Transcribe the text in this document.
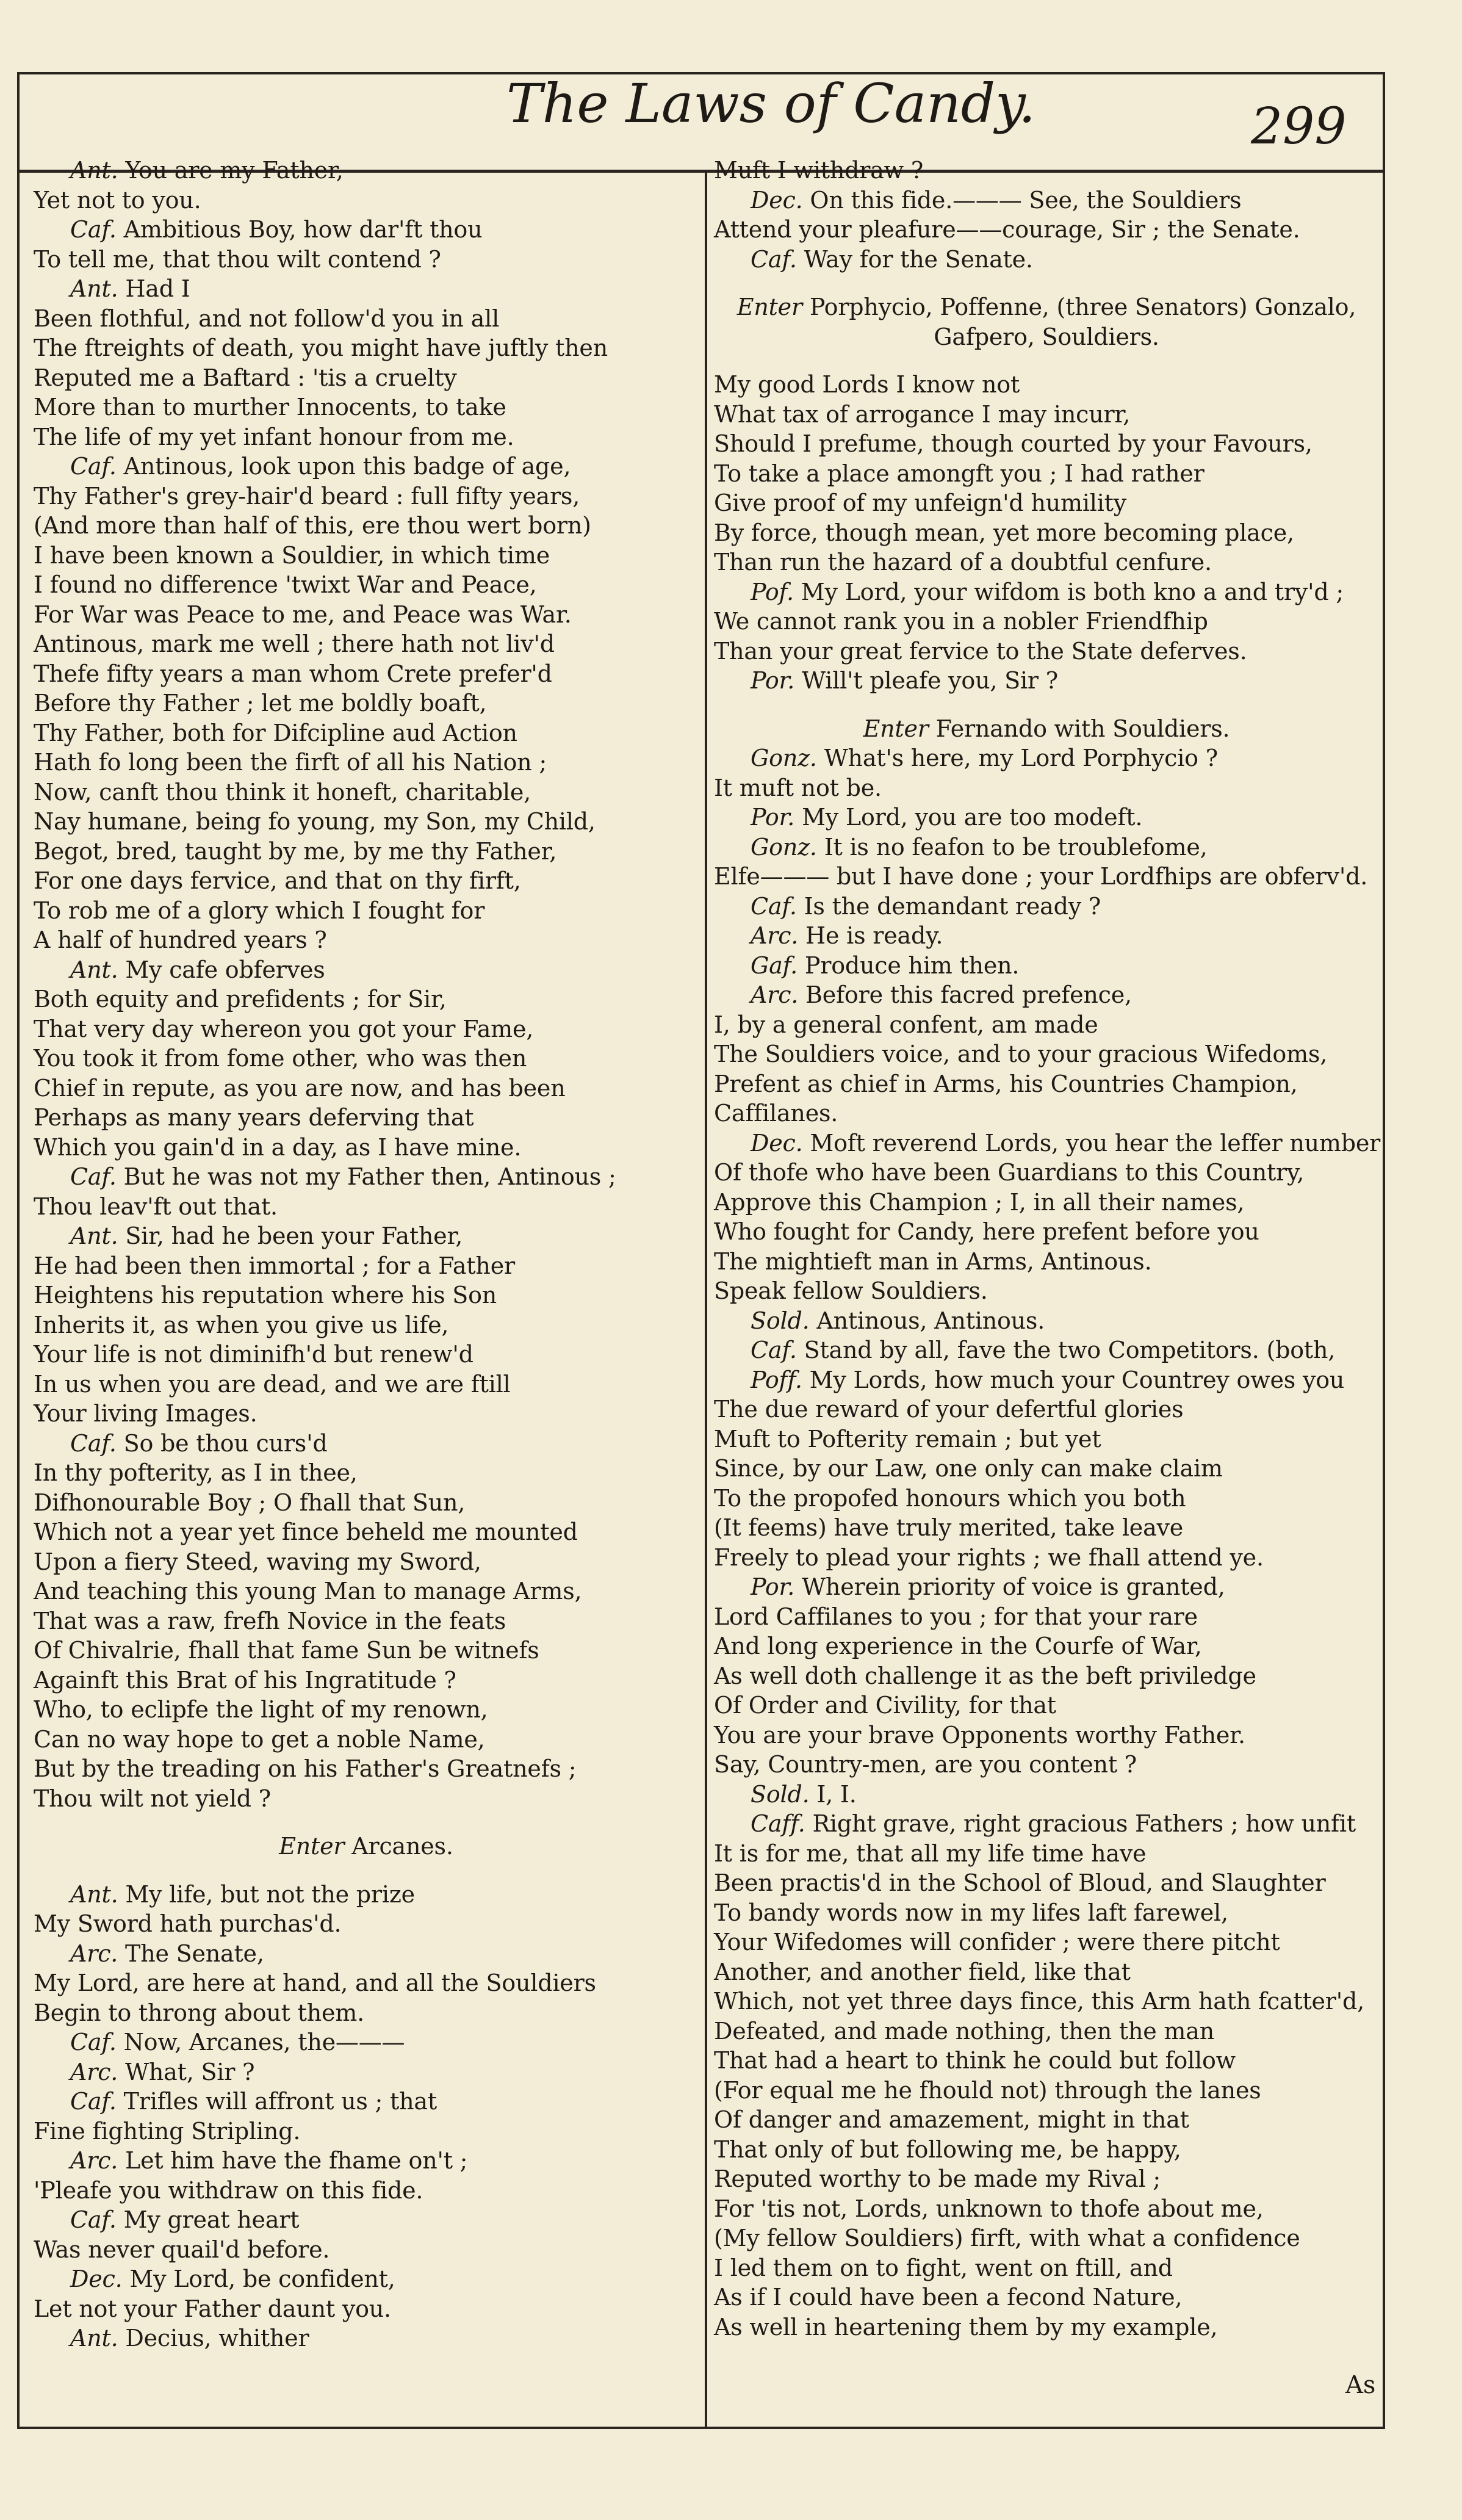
The Laws of Candy.	299
Ant. You are my Father,
Yet not to you.
Caf. Ambitious Boy, how dar'ft thou
To tell me, that thou wilt contend ?
Ant. Had I
Been flothful, and not follow'd you in all
The ftreights of death, you might have juftly then
Reputed me a Baftard : 'tis a cruelty
More than to murther Innocents, to take
The life of my yet infant honour from me.
Caf. Antinous, look upon this badge of age,
Thy Father's grey-hair'd beard : full fifty years,
(And more than half of this, ere thou wert born)
I have been known a Souldier, in which time
I found no difference 'twixt War and Peace,
For War was Peace to me, and Peace was War.
Antinous, mark me well ; there hath not liv'd
Thefe fifty years a man whom Crete prefer'd
Before thy Father ; let me boldly boaft,
Thy Father, both for Difcipline aud Action
Hath fo long been the firft of all his Nation ;
Now, canft thou think it honeft, charitable,
Nay humane, being fo young, my Son, my Child,
Begot, bred, taught by me, by me thy Father,
For one days fervice, and that on thy firft,
To rob me of a glory which I fought for
A half of hundred years ?
Ant. My cafe obferves
Both equity and prefidents ; for Sir,
That very day whereon you got your Fame,
You took it from fome other, who was then
Chief in repute, as you are now, and has been
Perhaps as many years deferving that
Which you gain'd in a day, as I have mine.
Caf. But he was not my Father then, Antinous ;
Thou leav'ft out that.
Ant. Sir, had he been your Father,
He had been then immortal ; for a Father
Heightens his reputation where his Son
Inherits it, as when you give us life,
Your life is not diminifh'd but renew'd
In us when you are dead, and we are ftill
Your living Images.
Caf. So be thou curs'd
In thy pofterity, as I in thee,
Difhonourable Boy ; O fhall that Sun,
Which not a year yet fince beheld me mounted
Upon a fiery Steed, waving my Sword,
And teaching this young Man to manage Arms,
That was a raw, frefh Novice in the feats
Of Chivalrie, fhall that fame Sun be witnefs
Againft this Brat of his Ingratitude ?
Who, to eclipfe the light of my renown,
Can no way hope to get a noble Name,
But by the treading on his Father's Greatnefs ;
Thou wilt not yield ?
Enter Arcanes.
Ant. My life, but not the prize
My Sword hath purchas'd.
Arc. The Senate,
My Lord, are here at hand, and all the Souldiers
Begin to throng about them.
Caf. Now, Arcanes, the———
Arc. What, Sir ?
Caf. Trifles will affront us ; that
Fine fighting Stripling.
Arc. Let him have the fhame on't ;
'Pleafe you withdraw on this fide.
Caf. My great heart
Was never quail'd before.
Dec. My Lord, be confident,
Let not your Father daunt you.
Ant. Decius, whither
Muft I withdraw ?
Dec. On this fide.——— See, the Souldiers
Attend your pleafure——courage, Sir ; the Senate.
Caf. Way for the Senate.
Enter Porphycio, Poffenne, (three Senators) Gonzalo,
Gafpero, Souldiers.
My good Lords I know not
What tax of arrogance I may incurr,
Should I prefume, though courted by your Favours,
To take a place amongft you ; I had rather
Give proof of my unfeign'd humility
By force, though mean, yet more becoming place,
Than run the hazard of a doubtful cenfure.
Pof. My Lord, your wifdom is both kno a and try'd ;
We cannot rank you in a nobler Friendfhip
Than your great fervice to the State deferves.
Por. Will't pleafe you, Sir ?
Enter Fernando with Souldiers.
Gonz. What's here, my Lord Porphycio ?
It muft not be.
Por. My Lord, you are too modeft.
Gonz. It is no feafon to be troublefome,
Elfe——— but I have done ; your Lordfhips are obferv'd.
Caf. Is the demandant ready ?
Arc. He is ready.
Gaf. Produce him then.
Arc. Before this facred prefence,
I, by a general confent, am made
The Souldiers voice, and to your gracious Wifedoms,
Prefent as chief in Arms, his Countries Champion,
Caffilanes.
Dec. Moft reverend Lords, you hear the leffer number
Of thofe who have been Guardians to this Country,
Approve this Champion ; I, in all their names,
Who fought for Candy, here prefent before you
The mightieft man in Arms, Antinous.
Speak fellow Souldiers.
Sold. Antinous, Antinous.
Caf. Stand by all, fave the two Competitors. (both,
Poff. My Lords, how much your Countrey owes you
The due reward of your defertful glories
Muft to Pofterity remain ; but yet
Since, by our Law, one only can make claim
To the propofed honours which you both
(It feems) have truly merited, take leave
Freely to plead your rights ; we fhall attend ye.
Por. Wherein priority of voice is granted,
Lord Caffilanes to you ; for that your rare
And long experience in the Courfe of War,
As well doth challenge it as the beft priviledge
Of Order and Civility, for that
You are your brave Opponents worthy Father.
Say, Country-men, are you content ?
Sold. I, I.
Caff. Right grave, right gracious Fathers ; how unfit
It is for me, that all my life time have
Been practis'd in the School of Bloud, and Slaughter
To bandy words now in my lifes laft farewel,
Your Wifedomes will confider ; were there pitcht
Another, and another field, like that
Which, not yet three days fince, this Arm hath fcatter'd,
Defeated, and made nothing, then the man
That had a heart to think he could but follow
(For equal me he fhould not) through the lanes
Of danger and amazement, might in that
That only of but following me, be happy,
Reputed worthy to be made my Rival ;
For 'tis not, Lords, unknown to thofe about me,
(My fellow Souldiers) firft, with what a confidence
I led them on to fight, went on ftill, and
As if I could have been a fecond Nature,
As well in heartening them by my example,
As
